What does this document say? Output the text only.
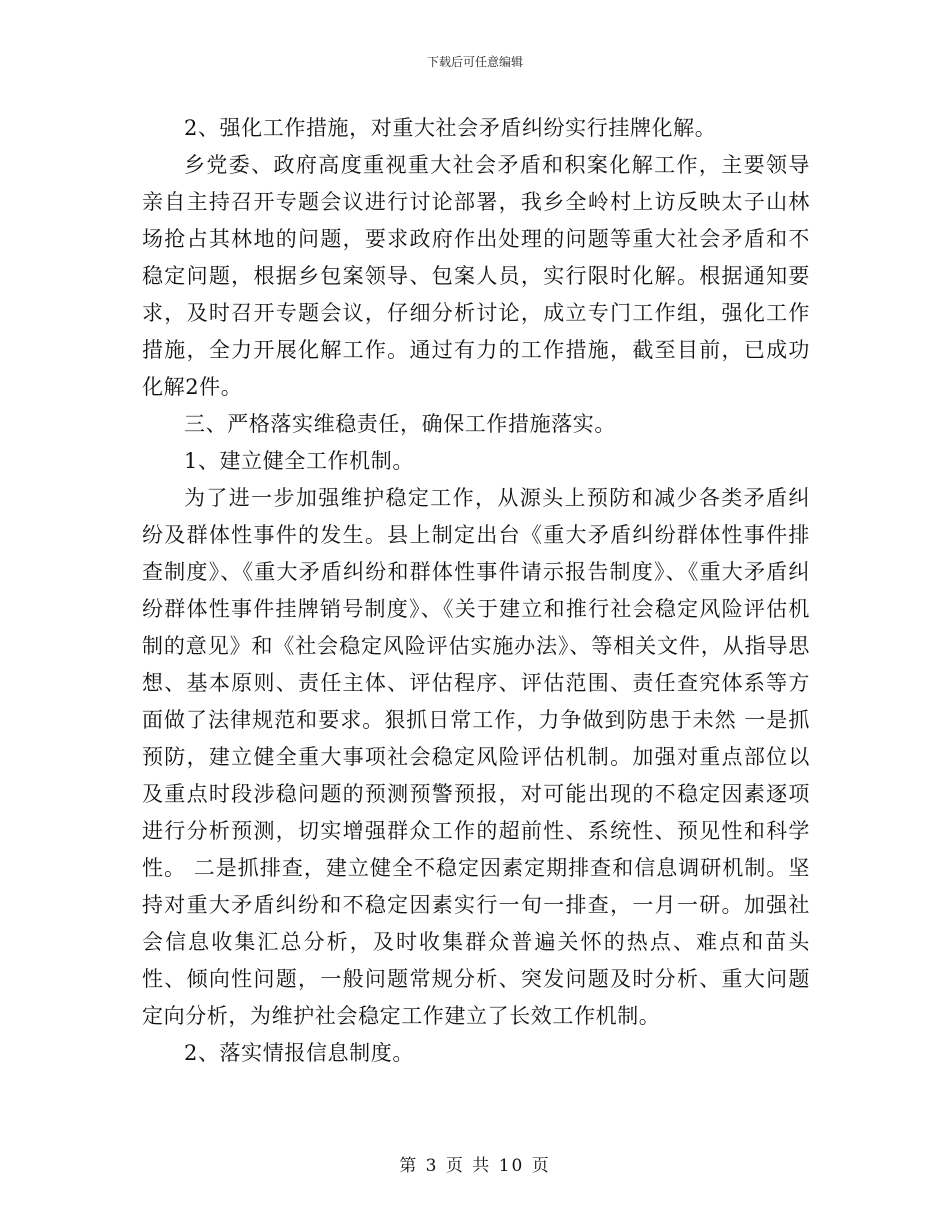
下载后可任意编辑

2、强化工作措施，对重大社会矛盾纠纷实行挂牌化解。

乡党委、政府高度重视重大社会矛盾和积案化解工作，主要领导亲自主持召开专题会议进行讨论部署，我乡全岭村上访反映太子山林场抢占其林地的问题，要求政府作出处理的问题等重大社会矛盾和不稳定问题，根据乡包案领导、包案人员，实行限时化解。根据通知要求，及时召开专题会议，仔细分析讨论，成立专门工作组，强化工作措施，全力开展化解工作。通过有力的工作措施，截至目前，已成功化解2件。

三、严格落实维稳责任，确保工作措施落实。

1、建立健全工作机制。

为了进一步加强维护稳定工作，从源头上预防和减少各类矛盾纠纷及群体性事件的发生。县上制定出台《重大矛盾纠纷群体性事件排查制度》、《重大矛盾纠纷和群体性事件请示报告制度》、《重大矛盾纠纷群体性事件挂牌销号制度》、《关于建立和推行社会稳定风险评估机制的意见》和《社会稳定风险评估实施办法》、等相关文件，从指导思想、基本原则、责任主体、评估程序、评估范围、责任查究体系等方面做了法律规范和要求。狠抓日常工作，力争做到防患于未然 一是抓预防，建立健全重大事项社会稳定风险评估机制。加强对重点部位以及重点时段涉稳问题的预测预警预报，对可能出现的不稳定因素逐项进行分析预测，切实增强群众工作的超前性、系统性、预见性和科学性。 二是抓排查，建立健全不稳定因素定期排查和信息调研机制。坚持对重大矛盾纠纷和不稳定因素实行一旬一排查，一月一研。加强社会信息收集汇总分析，及时收集群众普遍关怀的热点、难点和苗头性、倾向性问题，一般问题常规分析、突发问题及时分析、重大问题定向分析，为维护社会稳定工作建立了长效工作机制。

2、落实情报信息制度。

第 3 页 共 10 页
